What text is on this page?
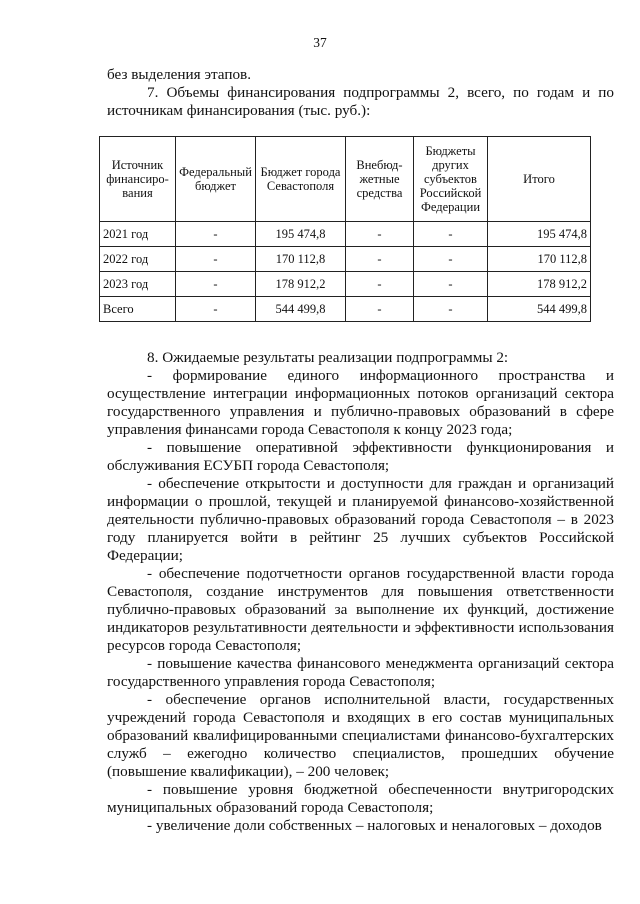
37

без выделения этапов.

7. Объемы финансирования подпрограммы 2, всего, по годам и по источникам финансирования (тыс. руб.):

Источник финансиро-вания	Федеральный бюджет	Бюджет города Севастополя	Внебюд-жетные средства	Бюджеты других субъектов Российской Федерации	Итого
2021 год	-	195 474,8	-	-	195 474,8
2022 год	-	170 112,8	-	-	170 112,8
2023 год	-	178 912,2	-	-	178 912,2
Всего	-	544 499,8	-	-	544 499,8

8. Ожидаемые результаты реализации подпрограммы 2:

- формирование единого информационного пространства и осуществление интеграции информационных потоков организаций сектора государственного управления и публично-правовых образований в сфере управления финансами города Севастополя к концу 2023 года;

- повышение оперативной эффективности функционирования и обслуживания ЕСУБП города Севастополя;

- обеспечение открытости и доступности для граждан и организаций информации о прошлой, текущей и планируемой финансово-хозяйственной деятельности публично-правовых образований города Севастополя – в 2023 году планируется войти в рейтинг 25 лучших субъектов Российской Федерации;

- обеспечение подотчетности органов государственной власти города Севастополя, создание инструментов для повышения ответственности публично-правовых образований за выполнение их функций, достижение индикаторов результативности деятельности и эффективности использования ресурсов города Севастополя;

- повышение качества финансового менеджмента организаций сектора государственного управления города Севастополя;

- обеспечение органов исполнительной власти, государственных учреждений города Севастополя и входящих в его состав муниципальных образований квалифицированными специалистами финансово-бухгалтерских служб – ежегодно количество специалистов, прошедших обучение (повышение квалификации), – 200 человек;

- повышение уровня бюджетной обеспеченности внутригородских муниципальных образований города Севастополя;

- увеличение доли собственных – налоговых и неналоговых – доходов
